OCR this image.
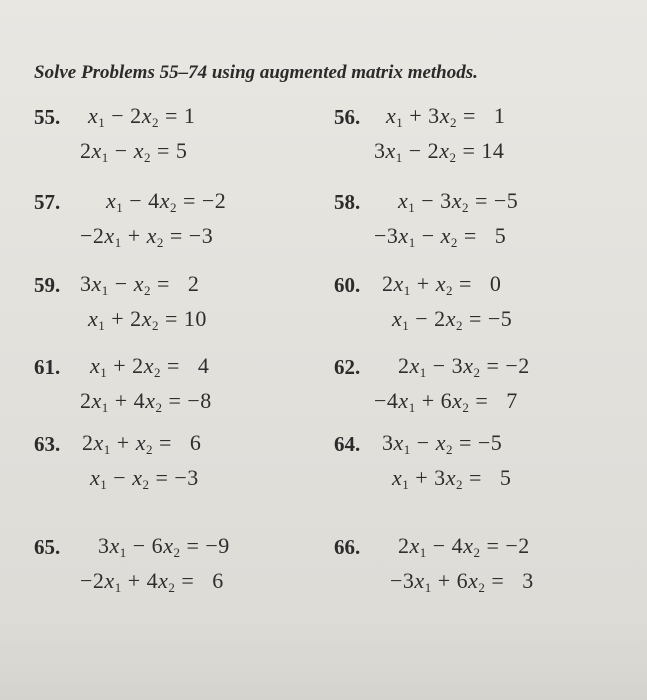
Solve Problems 55–74 using augmented matrix methods.
55. $x_1 - 2x_2 = 1$
$2x_1 - x_2 = 5$
56. $x_1 + 3x_2 = 1$
$3x_1 - 2x_2 = 14$
57. $x_1 - 4x_2 = -2$
$-2x_1 + x_2 = -3$
58. $x_1 - 3x_2 = -5$
$-3x_1 - x_2 = 5$
59. $3x_1 - x_2 = 2$
$x_1 + 2x_2 = 10$
60. $2x_1 + x_2 = 0$
$x_1 - 2x_2 = -5$
61. $x_1 + 2x_2 = 4$
$2x_1 + 4x_2 = -8$
62. $2x_1 - 3x_2 = -2$
$-4x_1 + 6x_2 = 7$
63. $2x_1 + x_2 = 6$
$x_1 - x_2 = -3$
64. $3x_1 - x_2 = -5$
$x_1 + 3x_2 = 5$
65. $3x_1 - 6x_2 = -9$
$-2x_1 + 4x_2 = 6$
66. $2x_1 - 4x_2 = -2$
$-3x_1 + 6x_2 = 3$
